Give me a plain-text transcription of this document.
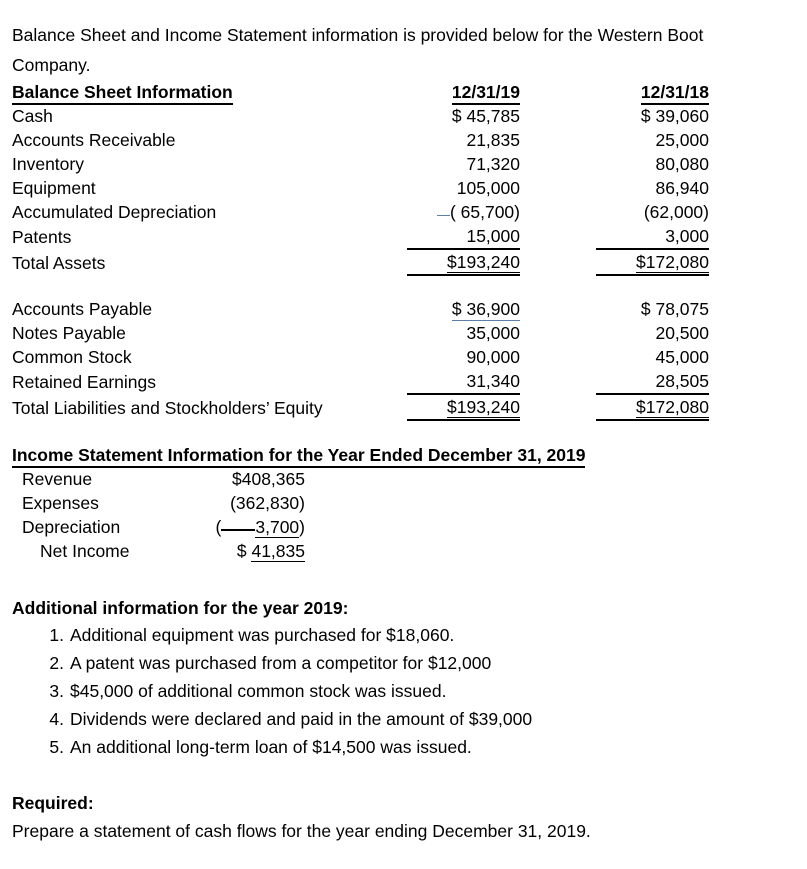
Balance Sheet and Income Statement information is provided below for the Western Boot Company.

Balance Sheet Information
		12/31/19		12/31/18
Cash	$ 45,785		$ 39,060
Accounts Receivable	21,835		25,000
Inventory	71,320		80,080
Equipment	105,000		86,940
Accumulated Depreciation	( 65,700)		(62,000)
Patents	15,000		3,000
Total Assets	$193,240		$172,080
Accounts Payable	$ 36,900		$ 78,075
Notes Payable	35,000		20,500
Common Stock	90,000		45,000
Retained Earnings	31,340		28,505
Total Liabilities and Stockholders’ Equity	$193,240		$172,080
Income Statement Information for the Year Ended December 31, 2019
Revenue	$408,365
Expenses	(362,830)
Depreciation	( 3,700)
Net Income	$ 41,835
Additional information for the year 2019:
1. Additional equipment was purchased for $18,060.
2. A patent was purchased from a competitor for $12,000
3. $45,000 of additional common stock was issued.
4. Dividends were declared and paid in the amount of $39,000
5. An additional long-term loan of $14,500 was issued.
Required:
Prepare a statement of cash flows for the year ending December 31, 2019.
